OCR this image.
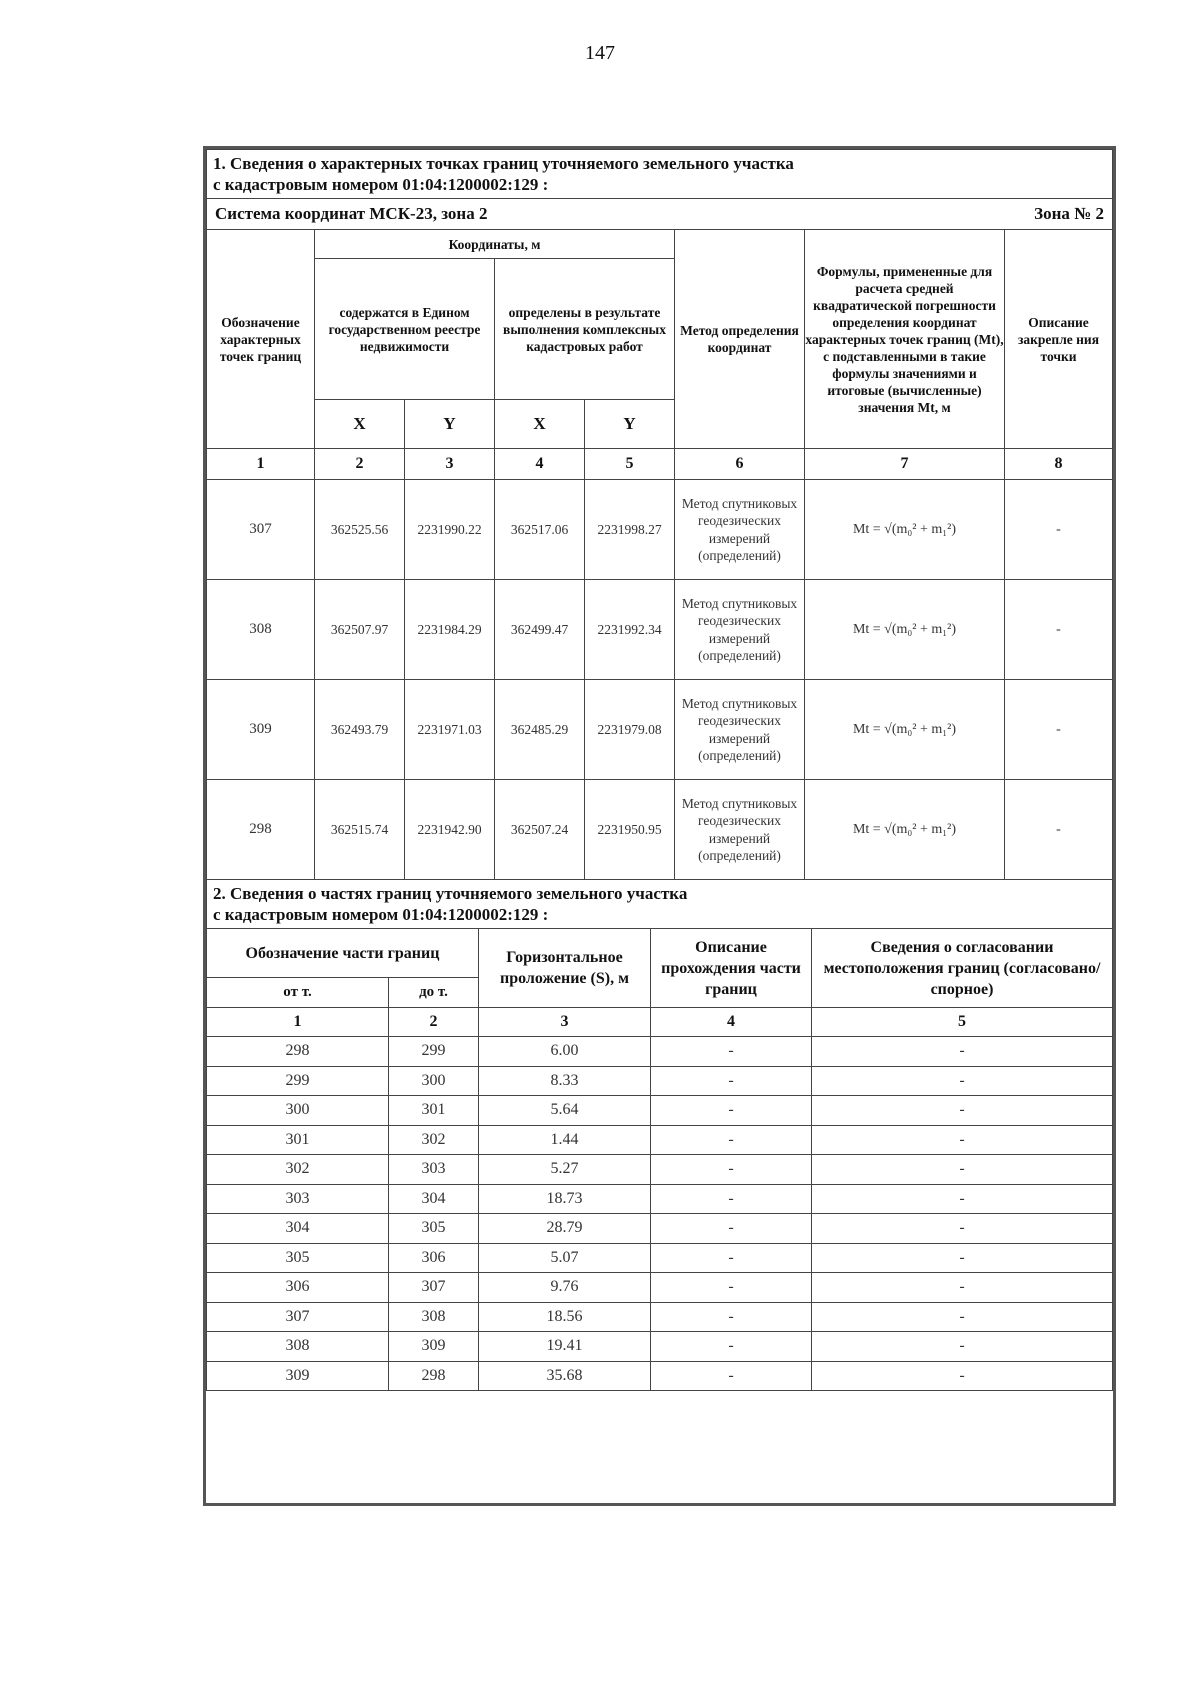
147
1. Сведения о характерных точках границ уточняемого земельного участка
с кадастровым номером 01:04:1200002:129 :							

Система координат МСК-23, зона 2							Зона № 2
Обозначение характерных точек границ	Координаты, м				Метод определения координат	Формулы, примененные для расчета средней квадратической погрешности определения координат характерных точек границ (Mt), с подставленными в такие формулы значениями и итоговые (вычисленные) значения Mt, м	Описание закрепле ния точки
	содержатся в Едином государственном реестре недвижимости		определены в результате выполнения комплексных кадастровых работ				
	X	Y	X	Y			
1	2	3	4	5	6	7	8
307	362525.56	2231990.22	362517.06	2231998.27	Метод спутниковых геодезических измерений (определений)	Mt = √(m₀² + m₁²)	-
308	362507.97	2231984.29	362499.47	2231992.34	Метод спутниковых геодезических измерений (определений)	Mt = √(m₀² + m₁²)	-
309	362493.79	2231971.03	362485.29	2231979.08	Метод спутниковых геодезических измерений (определений)	Mt = √(m₀² + m₁²)	-
298	362515.74	2231942.90	362507.24	2231950.95	Метод спутниковых геодезических измерений (определений)	Mt = √(m₀² + m₁²)	-
2. Сведения о частях границ уточняемого земельного участка
с кадастровым номером 01:04:1200002:129 :				

Обозначение части границ		Горизонтальное проложение (S), м	Описание прохождения части границ	Сведения о согласовании местоположения границ (согласовано/спорное)
от т.	до т.			
1	2	3	4	5
298	299	6.00	-	-
299	300	8.33	-	-
300	301	5.64	-	-
301	302	1.44	-	-
302	303	5.27	-	-
303	304	18.73	-	-
304	305	28.79	-	-
305	306	5.07	-	-
306	307	9.76	-	-
307	308	18.56	-	-
308	309	19.41	-	-
309	298	35.68	-	-
